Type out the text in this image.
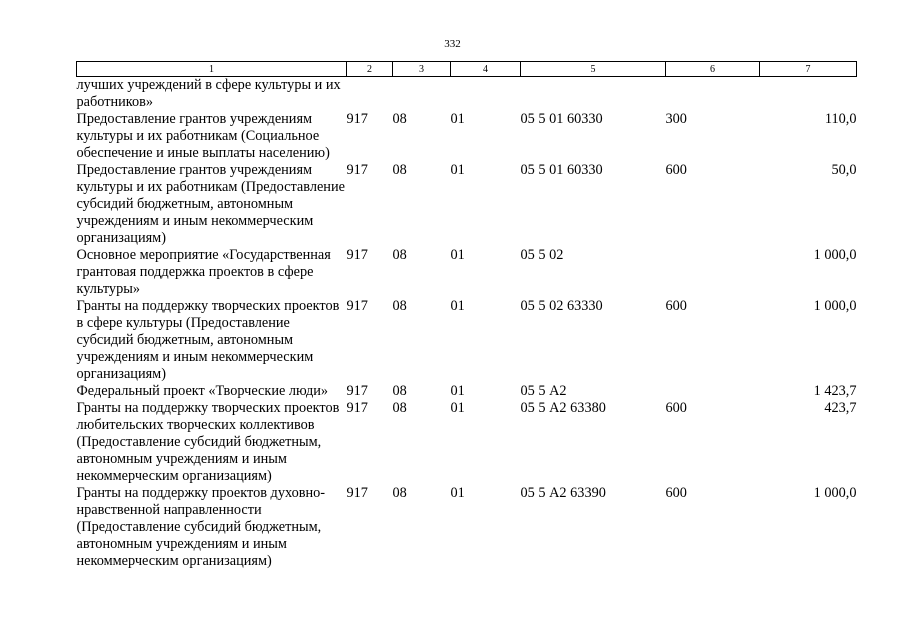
332
1	2	3	4	5	6	7
лучших учреждений в сфере культуры и их работников»						
Предоставление грантов учреждениям культуры и их работникам (Социальное обеспечение и иные выплаты населению)	917	08	01	05 5 01 60330	300	110,0
Предоставление грантов учреждениям культуры и их работникам (Предоставление субсидий бюджетным, автономным учреждениям и иным некоммерческим организациям)	917	08	01	05 5 01 60330	600	50,0
Основное мероприятие «Государственная грантовая поддержка проектов в сфере культуры»	917	08	01	05 5 02		1 000,0
Гранты на поддержку творческих проектов в сфере культуры (Предоставление субсидий бюджетным, автономным учреждениям и иным некоммерческим организациям)	917	08	01	05 5 02 63330	600	1 000,0
Федеральный проект «Творческие люди»	917	08	01	05 5 А2		1 423,7
Гранты на поддержку творческих проектов любительских творческих коллективов (Предоставление субсидий бюджетным, автономным учреждениям и иным некоммерческим организациям)	917	08	01	05 5 А2 63380	600	423,7
Гранты на поддержку проектов духовно-нравственной направленности (Предоставление субсидий бюджетным, автономным учреждениям и иным некоммерческим организациям)	917	08	01	05 5 А2 63390	600	1 000,0
